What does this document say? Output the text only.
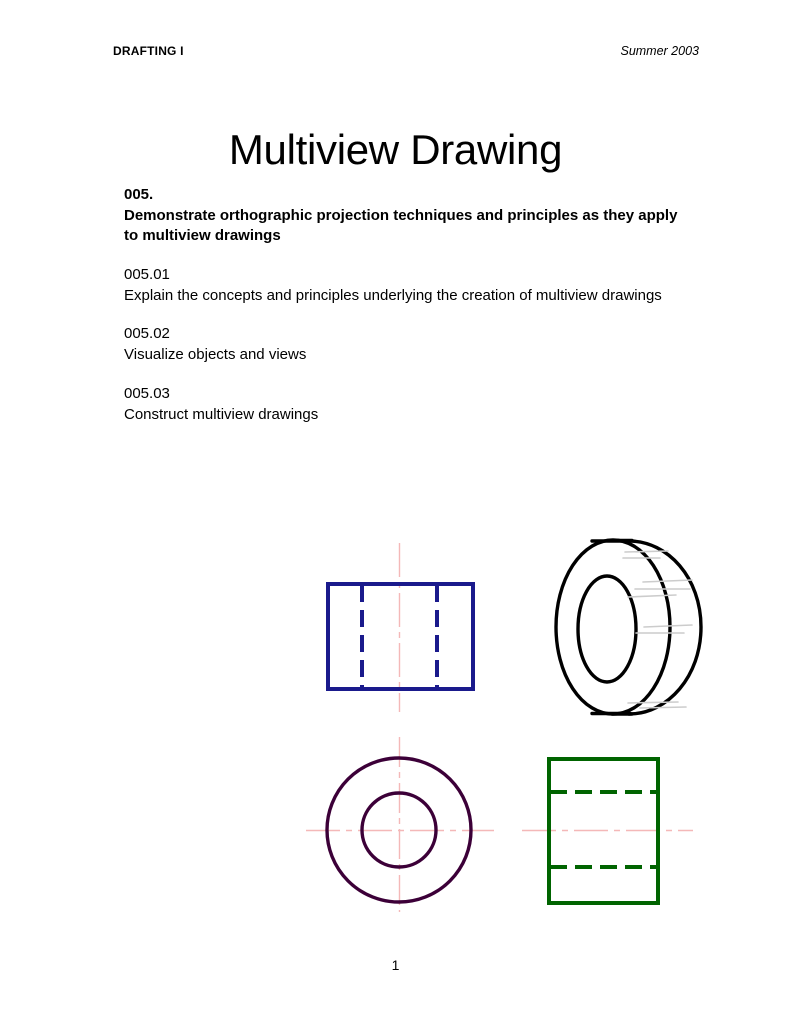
DRAFTING I	Summer 2003
Multiview Drawing
005.
Demonstrate orthographic projection techniques and principles as they apply to multiview drawings
005.01
Explain the concepts and principles underlying the creation of multiview drawings
005.02
Visualize objects and views
005.03
Construct multiview drawings
1
